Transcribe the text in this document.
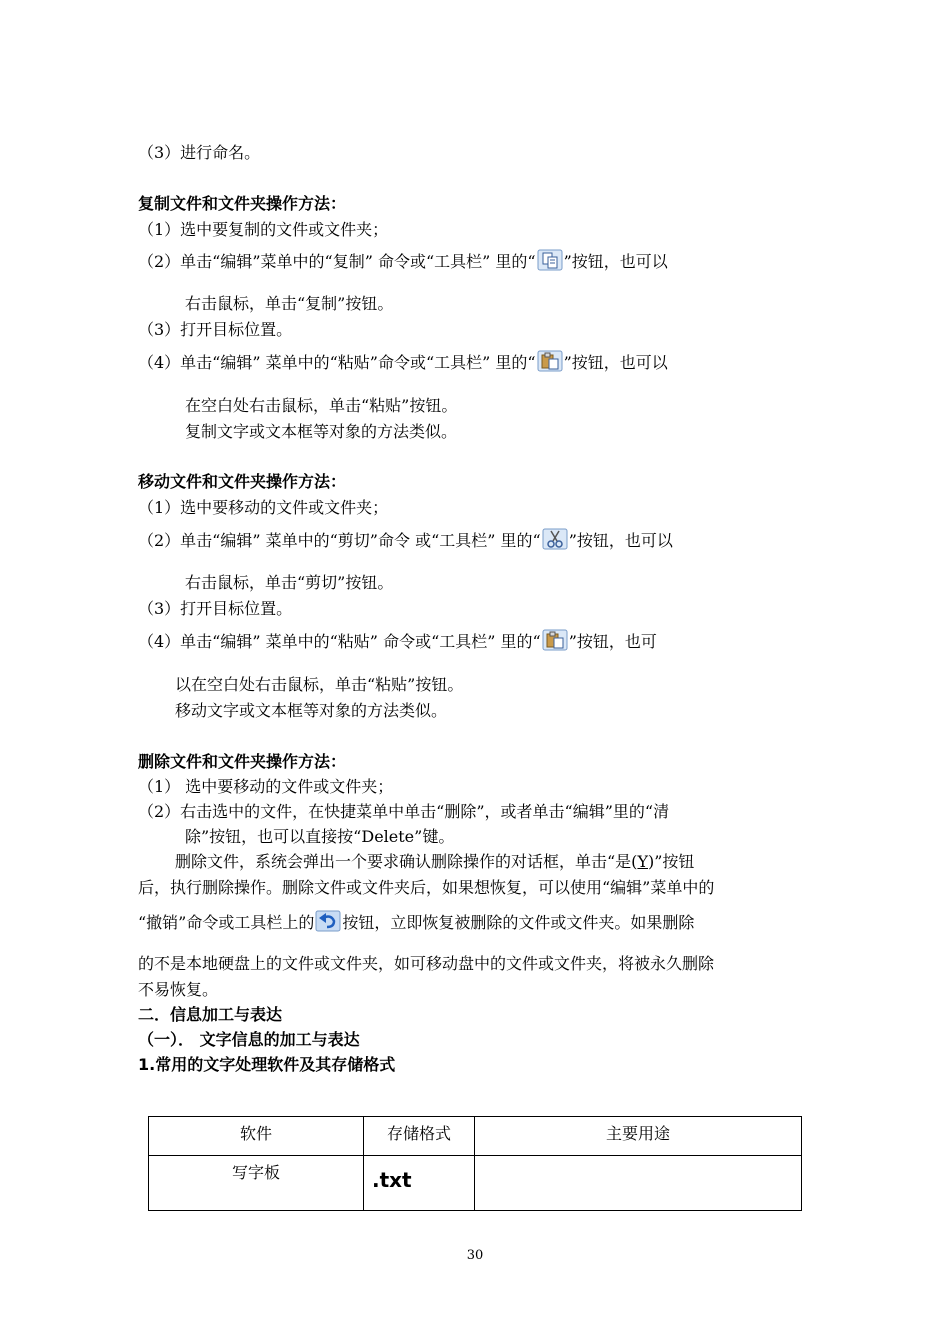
（3）进行命名。
复制文件和文件夹操作方法：
（1）选中要复制的文件或文件夹；
（2）单击“编辑”菜单中的“复制” 命令或“工具栏” 里的“ ”按钮，也可以
右击鼠标，单击“复制”按钮。
（3）打开目标位置。
（4）单击“编辑” 菜单中的“粘贴”命令或“工具栏” 里的“ ”按钮，也可以
在空白处右击鼠标，单击“粘贴”按钮。
复制文字或文本框等对象的方法类似。
移动文件和文件夹操作方法：
（1）选中要移动的文件或文件夹；
（2）单击“编辑” 菜单中的“剪切”命令 或“工具栏” 里的“ ”按钮，也可以
右击鼠标，单击“剪切”按钮。
（3）打开目标位置。
（4）单击“编辑” 菜单中的“粘贴” 命令或“工具栏” 里的“ ”按钮，也可
以在空白处右击鼠标，单击“粘贴”按钮。
移动文字或文本框等对象的方法类似。
删除文件和文件夹操作方法：
（1） 选中要移动的文件或文件夹；
（2）右击选中的文件，在快捷菜单中单击“删除”，或者单击“编辑”里的“清
除”按钮，也可以直接按“Delete”键。
删除文件，系统会弹出一个要求确认删除操作的对话框，单击“是(Y)”按钮
后，执行删除操作。删除文件或文件夹后，如果想恢复，可以使用“编辑”菜单中的
“撤销”命令或工具栏上的 按钮，立即恢复被删除的文件或文件夹。如果删除
的不是本地硬盘上的文件或文件夹，如可移动盘中的文件或文件夹，将被永久删除
不易恢复。
二．信息加工与表达
（一）． 文字信息的加工与表达
1.常用的文字处理软件及其存储格式
软件	存储格式	主要用途
写字板	.txt	
30
